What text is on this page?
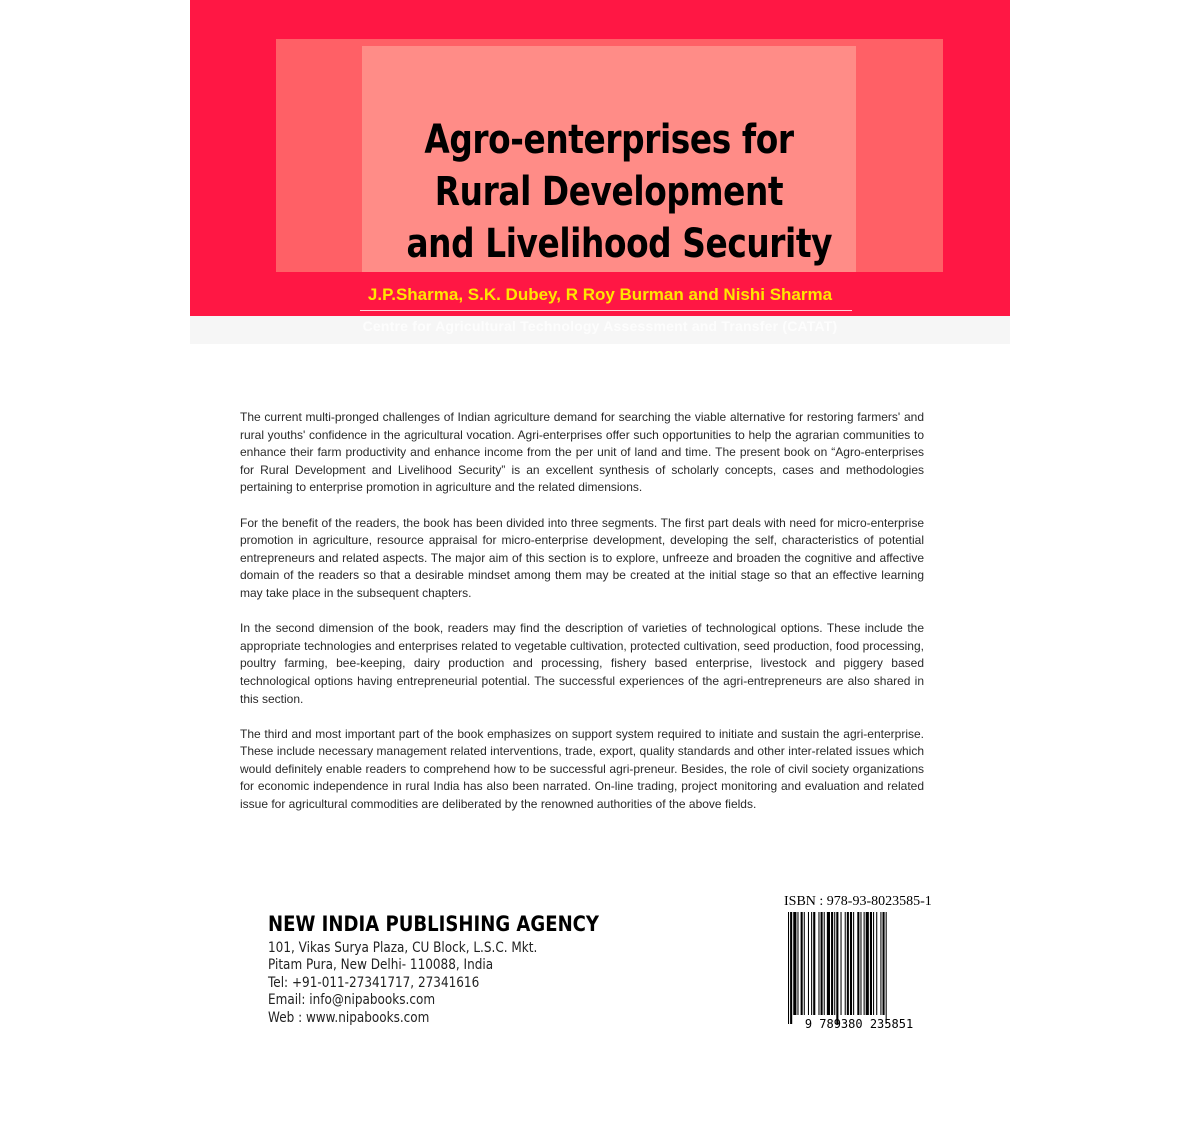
Centre for Agricultural Technology Assessment and Transfer (CATAT)
Agro-enterprises for
Rural Development
and Livelihood Security
J.P.Sharma, S.K. Dubey, R Roy Burman and Nishi Sharma

The current multi-pronged challenges of Indian agriculture demand for searching the viable alternative for restoring farmers' and rural youths' confidence in the agricultural vocation. Agri-enterprises offer such opportunities to help the agrarian communities to enhance their farm productivity and enhance income from the per unit of land and time. The present book on “Agro-enterprises for Rural Development and Livelihood Security” is an excellent synthesis of scholarly concepts, cases and methodologies pertaining to enterprise promotion in agriculture and the related dimensions.

For the benefit of the readers, the book has been divided into three segments. The first part deals with need for micro-enterprise promotion in agriculture, resource appraisal for micro-enterprise development, developing the self, characteristics of potential entrepreneurs and related aspects. The major aim of this section is to explore, unfreeze and broaden the cognitive and affective domain of the readers so that a desirable mindset among them may be created at the initial stage so that an effective learning may take place in the subsequent chapters.

In the second dimension of the book, readers may find the description of varieties of technological options. These include the appropriate technologies and enterprises related to vegetable cultivation, protected cultivation, seed production, food processing, poultry farming, bee-keeping, dairy production and processing, fishery based enterprise, livestock and piggery based technological options having entrepreneurial potential. The successful experiences of the agri-entrepreneurs are also shared in this section.

The third and most important part of the book emphasizes on support system required to initiate and sustain the agri-enterprise. These include necessary management related interventions, trade, export, quality standards and other inter-related issues which would definitely enable readers to comprehend how to be successful agri-preneur. Besides, the role of civil society organizations for economic independence in rural India has also been narrated. On-line trading, project monitoring and evaluation and related issue for agricultural commodities are deliberated by the renowned authorities of the above fields.

NEW INDIA PUBLISHING AGENCY
101, Vikas Surya Plaza, CU Block, L.S.C. Mkt.
Pitam Pura, New Delhi- 110088, India
Tel: +91-011-27341717, 27341616
Email: info@nipabooks.com
Web : www.nipabooks.com
ISBN : 978-93-8023585-1
9 789380 235851
